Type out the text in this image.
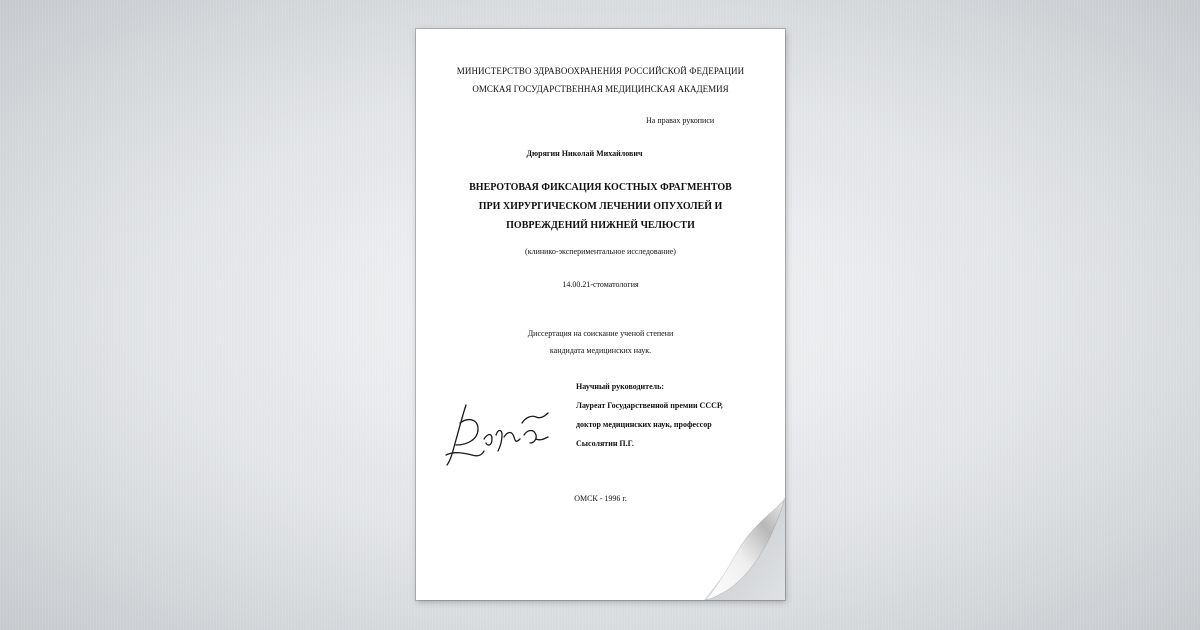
МИНИСТЕРСТВО ЗДРАВООХРАНЕНИЯ РОССИЙСКОЙ ФЕДЕРАЦИИ
ОМСКАЯ ГОСУДАРСТВЕННАЯ МЕДИЦИНСКАЯ АКАДЕМИЯ
На правах рукописи
Дюрягин Николай Михайлович
ВНЕРОТОВАЯ ФИКСАЦИЯ КОСТНЫХ ФРАГМЕНТОВ
ПРИ ХИРУРГИЧЕСКОМ ЛЕЧЕНИИ ОПУХОЛЕЙ И
ПОВРЕЖДЕНИЙ НИЖНЕЙ ЧЕЛЮСТИ
(клинико-экспериментальное исследование)
14.00.21-стоматология
Диссертация на соискание ученой степени
кандидата медицинских наук.
Научный руководитель:
Лауреат Государственной премии СССР,
доктор медицинских наук, профессор
Сысолятин П.Г.
ОМСК - 1996 г.
